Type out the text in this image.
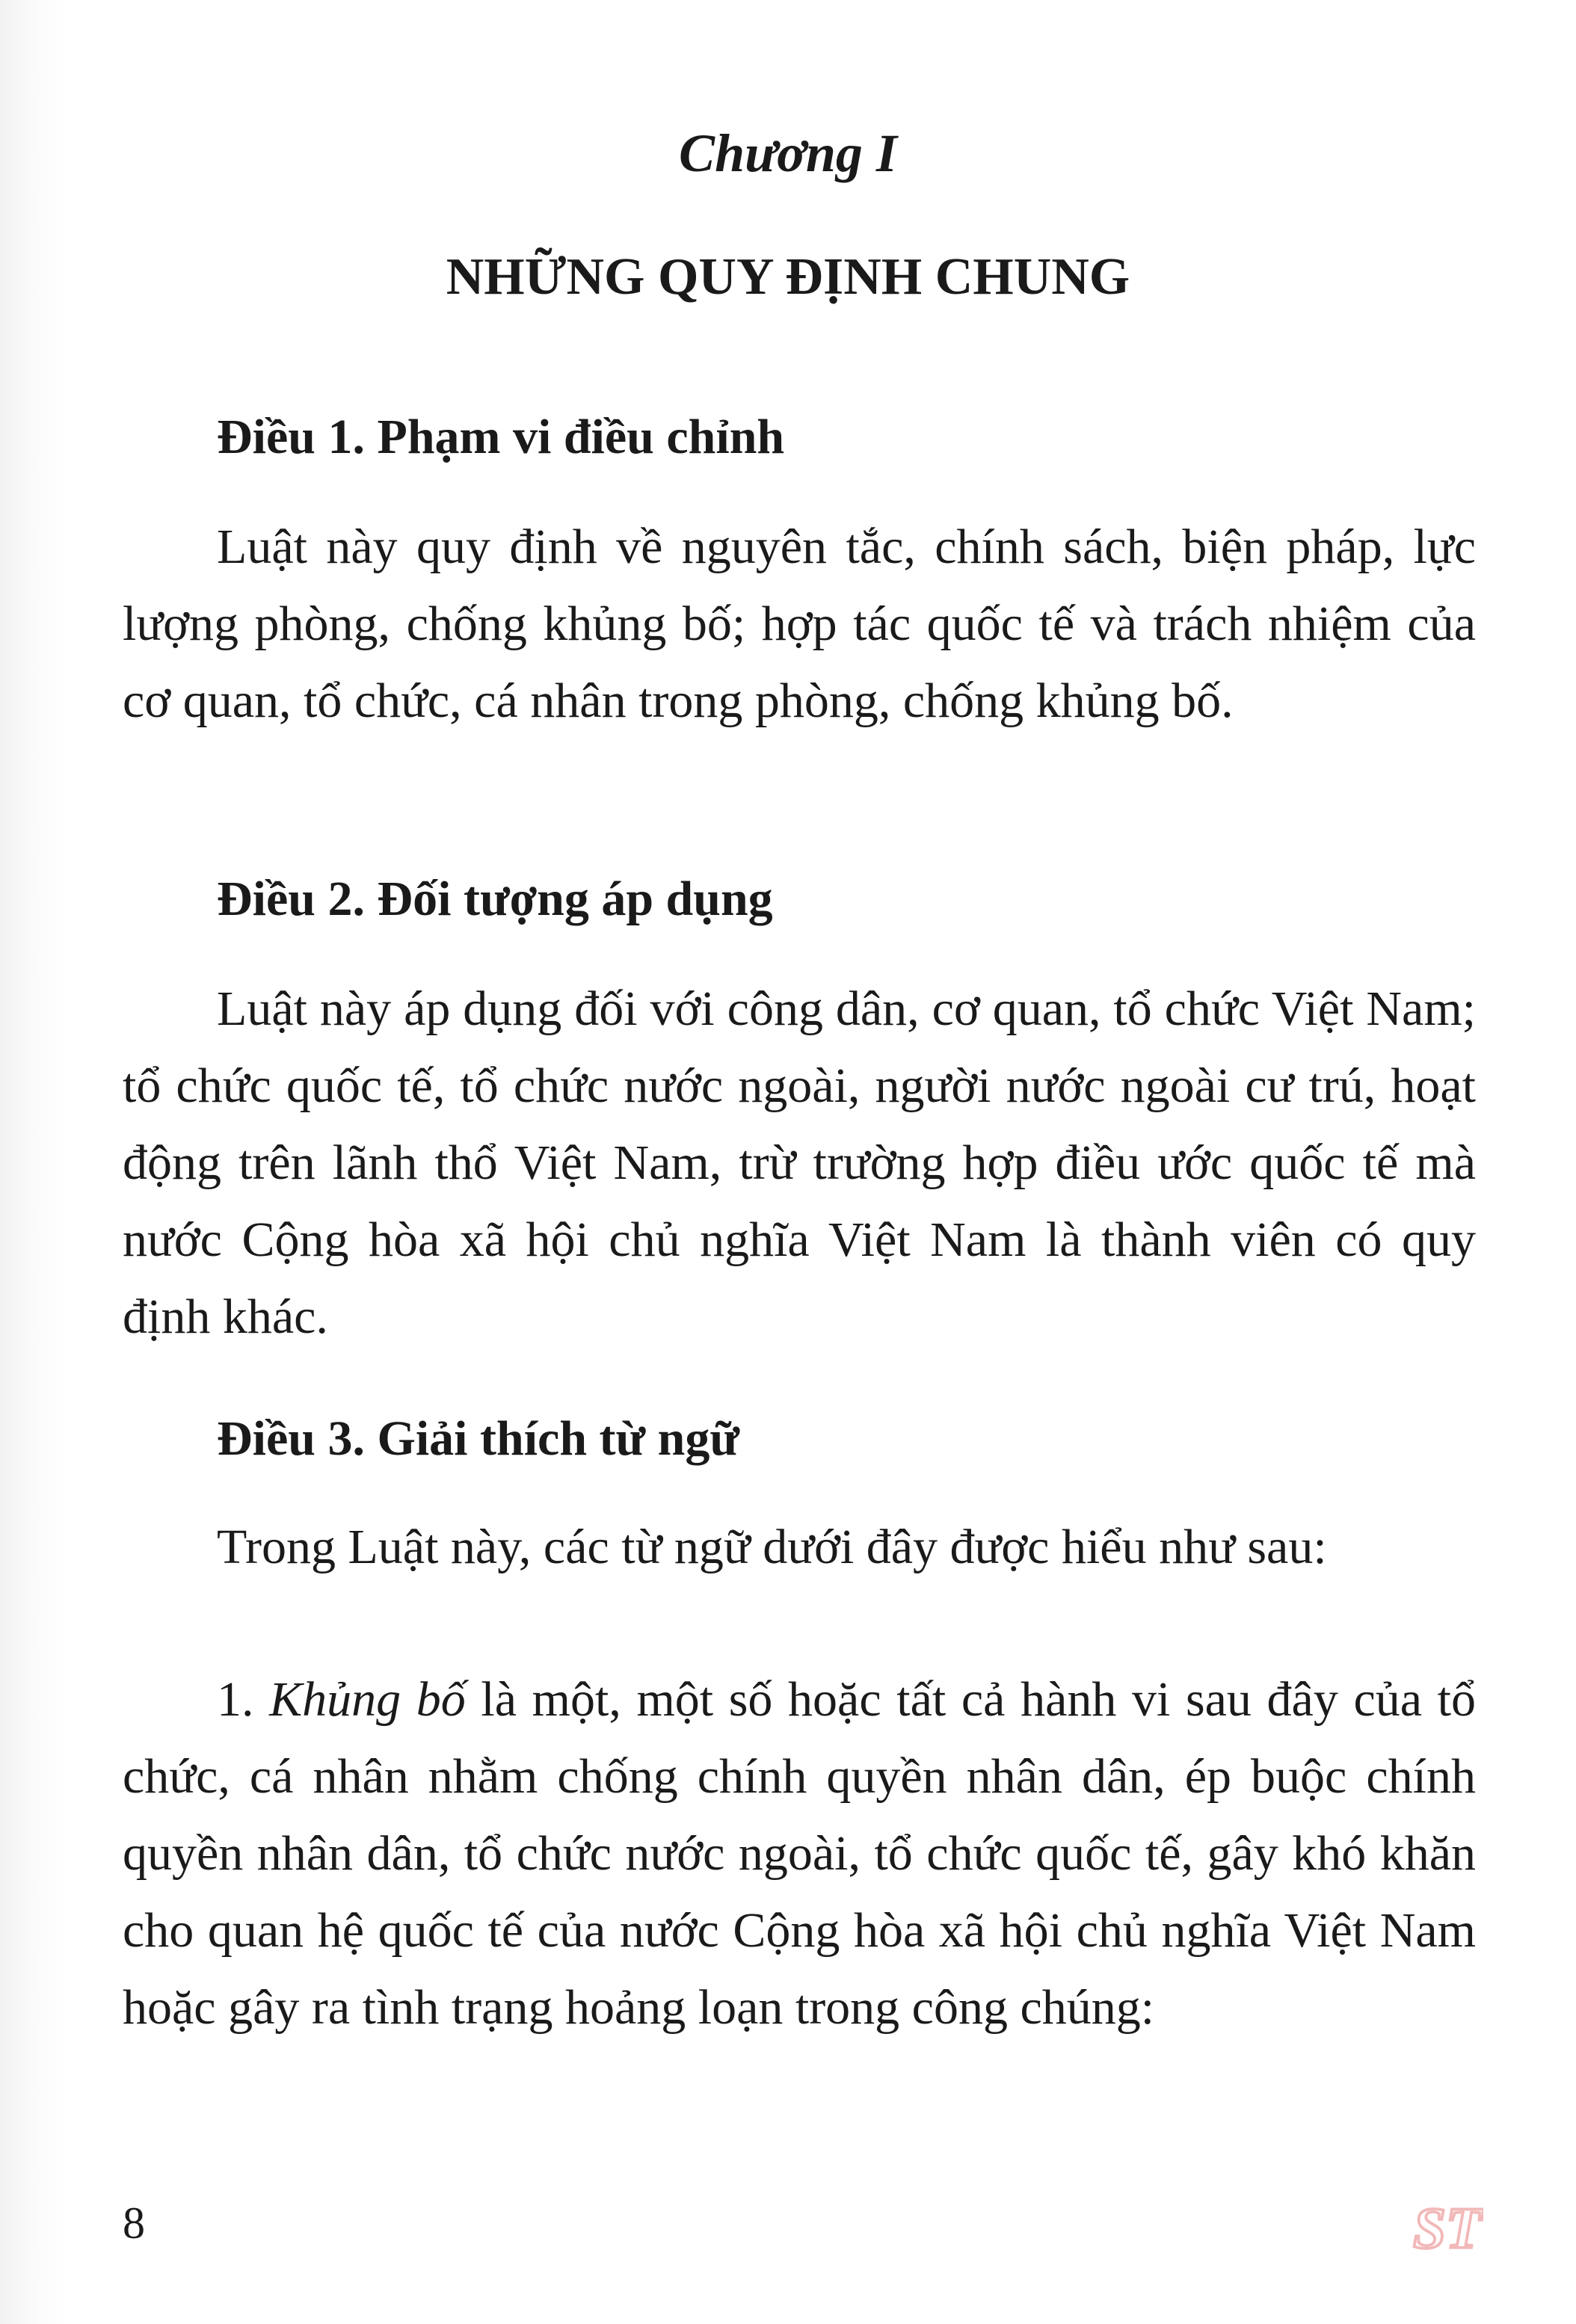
Chương I
NHỮNG QUY ĐỊNH CHUNG
Điều 1. Phạm vi điều chỉnh

Luật này quy định về nguyên tắc, chính sách, biện pháp, lực lượng phòng, chống khủng bố; hợp tác quốc tế và trách nhiệm của cơ quan, tổ chức, cá nhân trong phòng, chống khủng bố.

Điều 2. Đối tượng áp dụng

Luật này áp dụng đối với công dân, cơ quan, tổ chức Việt Nam; tổ chức quốc tế, tổ chức nước ngoài, người nước ngoài cư trú, hoạt động trên lãnh thổ Việt Nam, trừ trường hợp điều ước quốc tế mà nước Cộng hòa xã hội chủ nghĩa Việt Nam là thành viên có quy định khác.

Điều 3. Giải thích từ ngữ

Trong Luật này, các từ ngữ dưới đây được hiểu như sau:

1. Khủng bố là một, một số hoặc tất cả hành vi sau đây của tổ chức, cá nhân nhằm chống chính quyền nhân dân, ép buộc chính quyền nhân dân, tổ chức nước ngoài, tổ chức quốc tế, gây khó khăn cho quan hệ quốc tế của nước Cộng hòa xã hội chủ nghĩa Việt Nam hoặc gây ra tình trạng hoảng loạn trong công chúng:

8	ST
